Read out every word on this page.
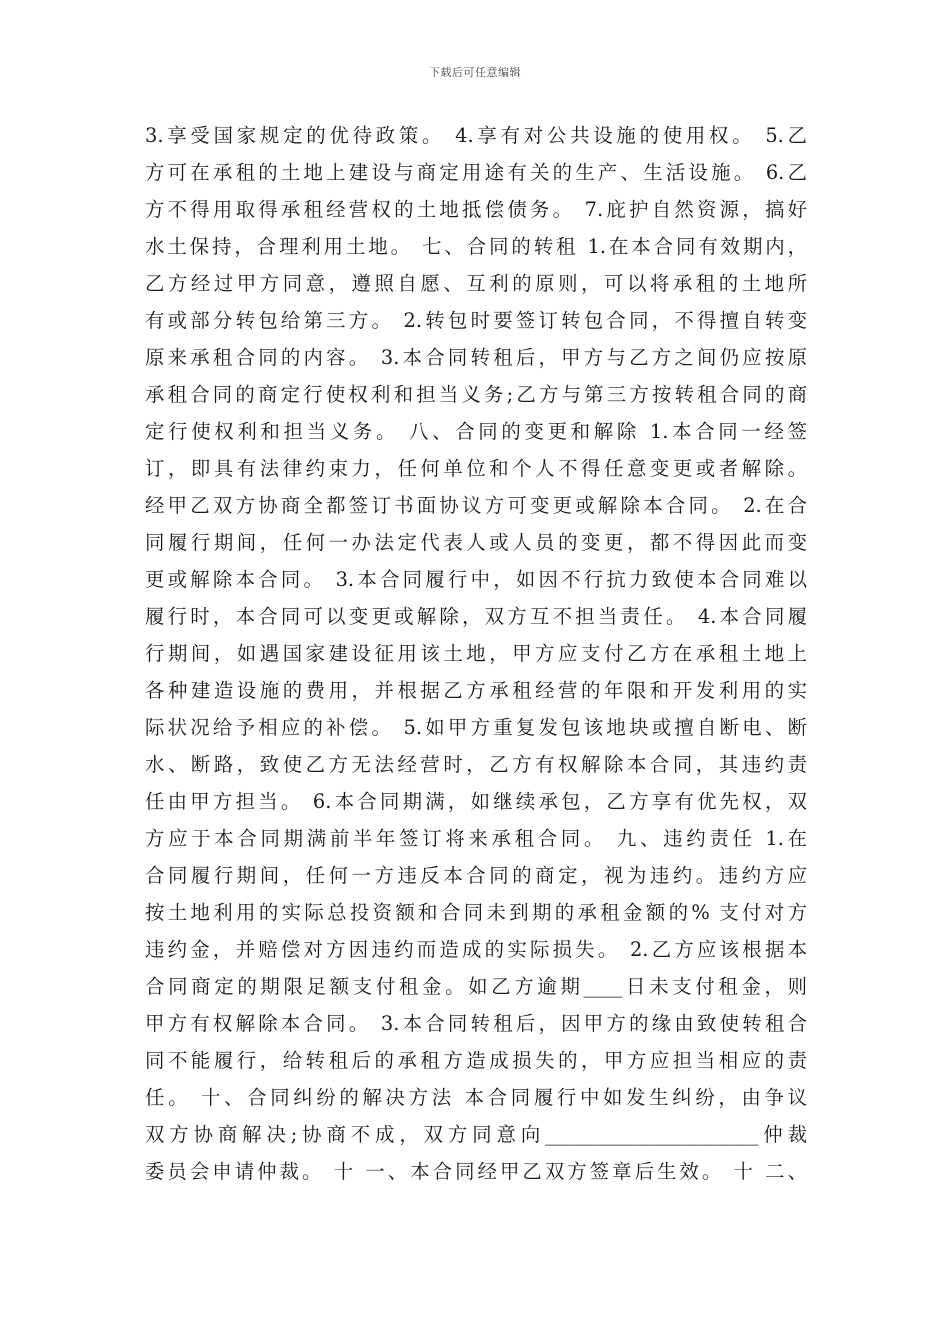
下载后可任意编辑
3.享受国家规定的优待政策。 4.享有对公共设施的使用权。 5.乙
方可在承租的土地上建设与商定用途有关的生产、生活设施。 6.乙
方不得用取得承租经营权的土地抵偿债务。 7.庇护自然资源，搞好
水土保持，合理利用土地。 七、合同的转租 1.在本合同有效期内，
乙方经过甲方同意，遵照自愿、互利的原则，可以将承租的土地所
有或部分转包给第三方。 2.转包时要签订转包合同，不得擅自转变
原来承租合同的内容。 3.本合同转租后，甲方与乙方之间仍应按原
承租合同的商定行使权利和担当义务;乙方与第三方按转租合同的商
定行使权利和担当义务。 八、合同的变更和解除 1.本合同一经签
订，即具有法律约束力，任何单位和个人不得任意变更或者解除。
经甲乙双方协商全都签订书面协议方可变更或解除本合同。 2.在合
同履行期间，任何一办法定代表人或人员的变更，都不得因此而变
更或解除本合同。 3.本合同履行中，如因不行抗力致使本合同难以
履行时，本合同可以变更或解除，双方互不担当责任。 4.本合同履
行期间，如遇国家建设征用该土地，甲方应支付乙方在承租土地上
各种建造设施的费用，并根据乙方承租经营的年限和开发利用的实
际状况给予相应的补偿。 5.如甲方重复发包该地块或擅自断电、断
水、断路，致使乙方无法经营时，乙方有权解除本合同，其违约责
任由甲方担当。 6.本合同期满，如继续承包，乙方享有优先权，双
方应于本合同期满前半年签订将来承租合同。 九、违约责任 1.在
合同履行期间，任何一方违反本合同的商定，视为违约。违约方应
按土地利用的实际总投资额和合同未到期的承租金额的% 支付对方
违约金，并赔偿对方因违约而造成的实际损失。 2.乙方应该根据本
合同商定的期限足额支付租金。如乙方逾期____日未支付租金，则
甲方有权解除本合同。 3.本合同转租后，因甲方的缘由致使转租合
同不能履行，给转租后的承租方造成损失的，甲方应担当相应的责
任。 十、合同纠纷的解决方法 本合同履行中如发生纠纷，由争议
双方协商解决;协商不成，双方同意向______________________仲裁
委员会申请仲裁。 十 一、本合同经甲乙双方签章后生效。 十 二、
